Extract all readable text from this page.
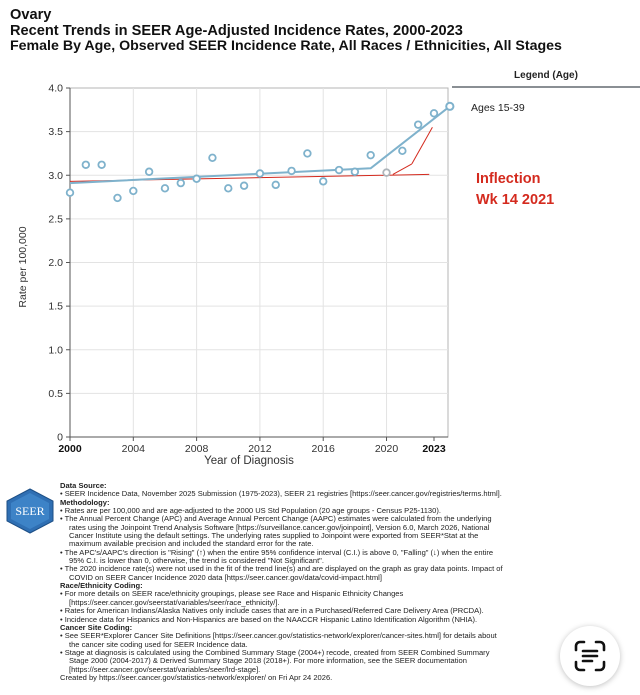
Ovary
Recent Trends in SEER Age-Adjusted Incidence Rates, 2000-2023
Female By Age, Observed SEER Incidence Rate, All Races / Ethnicities, All Stages
0
0.5
1.0
1.5
2.0
2.5
3.0
3.5
4.0
2000	2004	2008	2012	2016	2020 2023
Rate per 100,000
Year of Diagnosis
Ages 15-39
Legend (Age)
Inflection
Wk 14 2021
SEER
Data Source:
• SEER Incidence Data, November 2025 Submission (1975-2023), SEER 21 registries [https://seer.cancer.gov/registries/terms.html].
Methodology:
• Rates are per 100,000 and are age-adjusted to the 2000 US Std Population (20 age groups - Census P25-1130).
• The Annual Percent Change (APC) and Average Annual Percent Change (AAPC) estimates were calculated from the underlying
rates using the Joinpoint Trend Analysis Software [https://surveillance.cancer.gov/joinpoint], Version 6.0, March 2026, National
Cancer Institute using the default settings. The underlying rates supplied to Joinpoint were exported from SEER*Stat at the
maximum available precision and included the standard error for the rate.
• The APC's/AAPC's direction is "Rising" (↑) when the entire 95% confidence interval (C.I.) is above 0, "Falling" (↓) when the entire
95% C.I. is lower than 0, otherwise, the trend is considered "Not Significant".
• The 2020 incidence rate(s) were not used in the fit of the trend line(s) and are displayed on the graph as gray data points. Impact of
COVID on SEER Cancer Incidence 2020 data [https://seer.cancer.gov/data/covid-impact.html]
Race/Ethnicity Coding:
• For more details on SEER race/ethnicity groupings, please see Race and Hispanic Ethnicity Changes
[https://seer.cancer.gov/seerstat/variables/seer/race_ethnicity/].
• Rates for American Indians/Alaska Natives only include cases that are in a Purchased/Referred Care Delivery Area (PRCDA).
• Incidence data for Hispanics and Non-Hispanics are based on the NAACCR Hispanic Latino Identification Algorithm (NHIA).
Cancer Site Coding:
• See SEER*Explorer Cancer Site Definitions [https://seer.cancer.gov/statistics-network/explorer/cancer-sites.html] for details about
the cancer site coding used for SEER Incidence data.
• Stage at diagnosis is calculated using the Combined Summary Stage (2004+) recode, created from SEER Combined Summary
Stage 2000 (2004-2017) & Derived Summary Stage 2018 (2018+). For more information, see the SEER documentation
[https://seer.cancer.gov/seerstat/variables/seer/lrd-stage].
Created by https://seer.cancer.gov/statistics-network/explorer/ on Fri Apr 24 2026.
